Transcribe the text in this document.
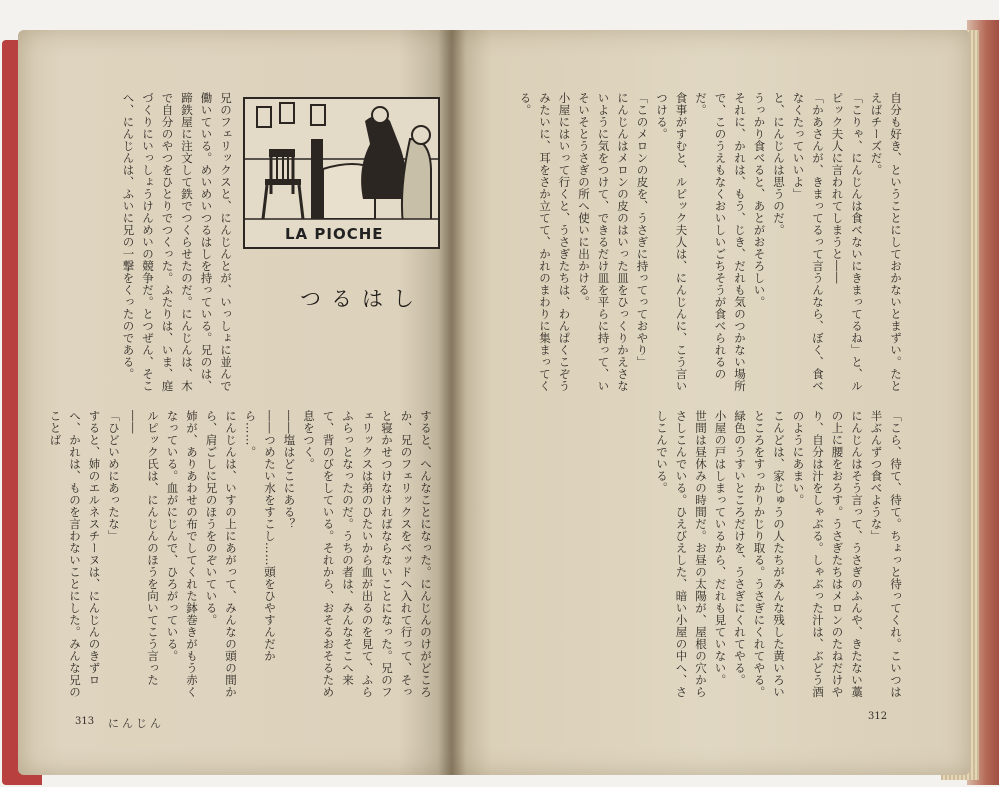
自分も好き、ということにしておかないとまずい。たとえばチーズだ。
「こりゃ、にんじんは食べないにきまってるね」と、ルピック夫人に言われてしまうと――
「かあさんが、きまってるって言うんなら、ぼく、食べなくたっていいよ」
と、にんじんは思うのだ。
うっかり食べると、あとがおそろしい。
それに、かれは、もう、じき、だれも気のつかない場所で、このうえもなくおいしいごちそうが食べられるのだ。
食事がすむと、ルピック夫人は、にんじんに、こう言いつける。
「このメロンの皮を、うさぎに持ってっておやり」
にんじんはメロンの皮のはいった皿をひっくりかえさないように気をつけて、できるだけ皿を平らに持って、いそいそとうさぎの所へ使いに出かける。
小屋にはいって行くと、うさぎたちは、わんぱくこぞうみたいに、耳をさか立てて、かれのまわりに集まってくる。
「こら、待て、待て。ちょっと待ってくれ。こいつは半ぶんずつ食べような」
にんじんはそう言って、うさぎのふんや、きたない藁の上に腰をおろす。うさぎたちはメロンのたねだけやり、自分は汁をしゃぶる。しゃぶった汁は、ぶどう酒のようにあまい。
こんどは、家じゅうの人たちがみんな残した黄いろいところをすっかりかじり取る。うさぎにくれてやる。
緑色のうすいところだけを、うさぎにくれてやる。
小屋の戸はしまっているから、だれも見ていない。
世間は昼休みの時間だ。お昼の太陽が、屋根の穴からさしこんでいる。ひえびえした、暗い小屋の中へ、さしこんでいる。
LA PIOCHE
つるはし
兄のフェリックスと、にんじんとが、いっしょに並んで働いている。めいめいつるはしを持っている。兄のは、蹄鉄屋に注文して鉄でつくらせたのだ。にんじんは、木で自分のやつをひとりでつくった。ふたりは、いま、庭づくりにいっしょうけんめいの競争だ。とつぜん、そこへ、にんじんは、ふいに兄の一撃をくったのである。
すると、へんなことになった。にんじんのけがどころか、兄のフェリックスをベッドへ入れて行って、そっと寝かせつけなければならないことになった。兄のフェリックスは弟のひたいから血が出るのを見て、ふらふらっとなったのだ。うちの者は、みんなそこへ来て、背のびをしている。それから、おそるおそるため息をつく。
――塩はどこにある？
――つめたい水をすこし……頭をひやすんだから……。
にんじんは、いすの上にあがって、みんなの頭の間から、肩ごしに兄のほうをのぞいている。
姉が、ありあわせの布でしてくれた鉢巻きがもう赤くなっている。血がにじんで、ひろがっている。
ルピック氏は、にんじんのほうを向いてこう言った――
「ひどいめにあったな」
すると、姉のエルネスチーヌは、にんじんのきずロへ、かれは、ものを言わないことにした。みんな兄のことば
313 にんじん
312
